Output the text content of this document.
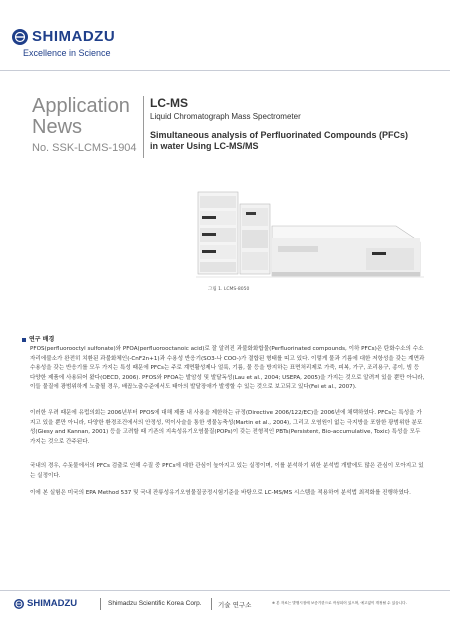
SHIMADZU
Excellence in Science
Application
News
No. SSK-LCMS-1904
LC-MS
Liquid Chromatograph Mass Spectrometer
Simultaneous analysis of Perfluorinated Compounds (PFCs)
in water Using LC-MS/MS
그림 1. LCMS-8050
연구 배경
PFOS(perfluorooctyl sulfonate)와 PFOA(perfluorooctanoic acid)로 잘 알려진 과불화화합물(Perfluorinated compounds, 이하 PFCs)은 탄화수소의 수소자리에불소가 완전히 치환된 과불화체인(-CnF2n+1)과 수용성 반응기(SO3-나 COO-)가 결합된 형태를 띠고 있다. 이렇게 물과 기름에 대한 저항성을 갖는 계면과 수용성을 갖는 반응기를 모두 가지는 특성 때문에 PFCs는 주로 계면활성제나 얼룩, 기름, 물 등을 방지하는 표면처리제로 가죽, 피복, 가구, 조리용구, 종이, 빔 등 다양한 제품에 사용되어 왔다(OECD, 2006). PFOS와 PFOA는 발암성 및 발달독성(Lau et al., 2004; USEPA, 2005)을 가지는 것으로 알려져 있을 뿐만 아니라, 이들 물질에 광범위하게 노출될 경우, 배꼽노출수준에서도 태아의 발달장애가 발생할 수 있는 것으로 보고되고 있다(Fei et al., 2007).
이러한 우려 때문에 유럽의회는 2006년부터 PFOS에 대해 제품 내 사용을 제한하는 규정(Directive 2006/122/EC)을 2006년에 채택하였다. PFCs는 특성을 가지고 있을 뿐만 아니라, 다양한 환경조건에서의 안정성, 먹이사슬을 통한 생물농축성(Martin et al., 2004), 그리고 오염원이 없는 극지방을 포함한 광범위한 분포성(Giesy and Kannan, 2001) 등을 고려할 때 기존의 지속성유기오염물질(POPs)이 갖는 전형적인 PBTs(Persistent, Bio-accumulative, Toxic) 특성을 모두 가지는 것으로 간주된다.
국내의 경우, 수돗물에서의 PFCs 검출로 인해 수질 중 PFCs에 대한 관심이 높아지고 있는 실정이며, 이를 분석하기 위한 분석법 개발에도 많은 관심이 모아지고 있는 실정이다.
이에 본 실험은 미국의 EPA Method 537 및 국내 잔류성유기오염물질공정시험기준을 바탕으로 LC-MS/MS 시스템을 적용하여 분석법 최적화를 진행하였다.
SHIMADZU	Shimadzu Scientific Korea Corp.	기술 연구소	※ 본 자료는 발행시점에 보증기한으로 작성되어 있으며, 예고없이 개정될 수 있습니다.
